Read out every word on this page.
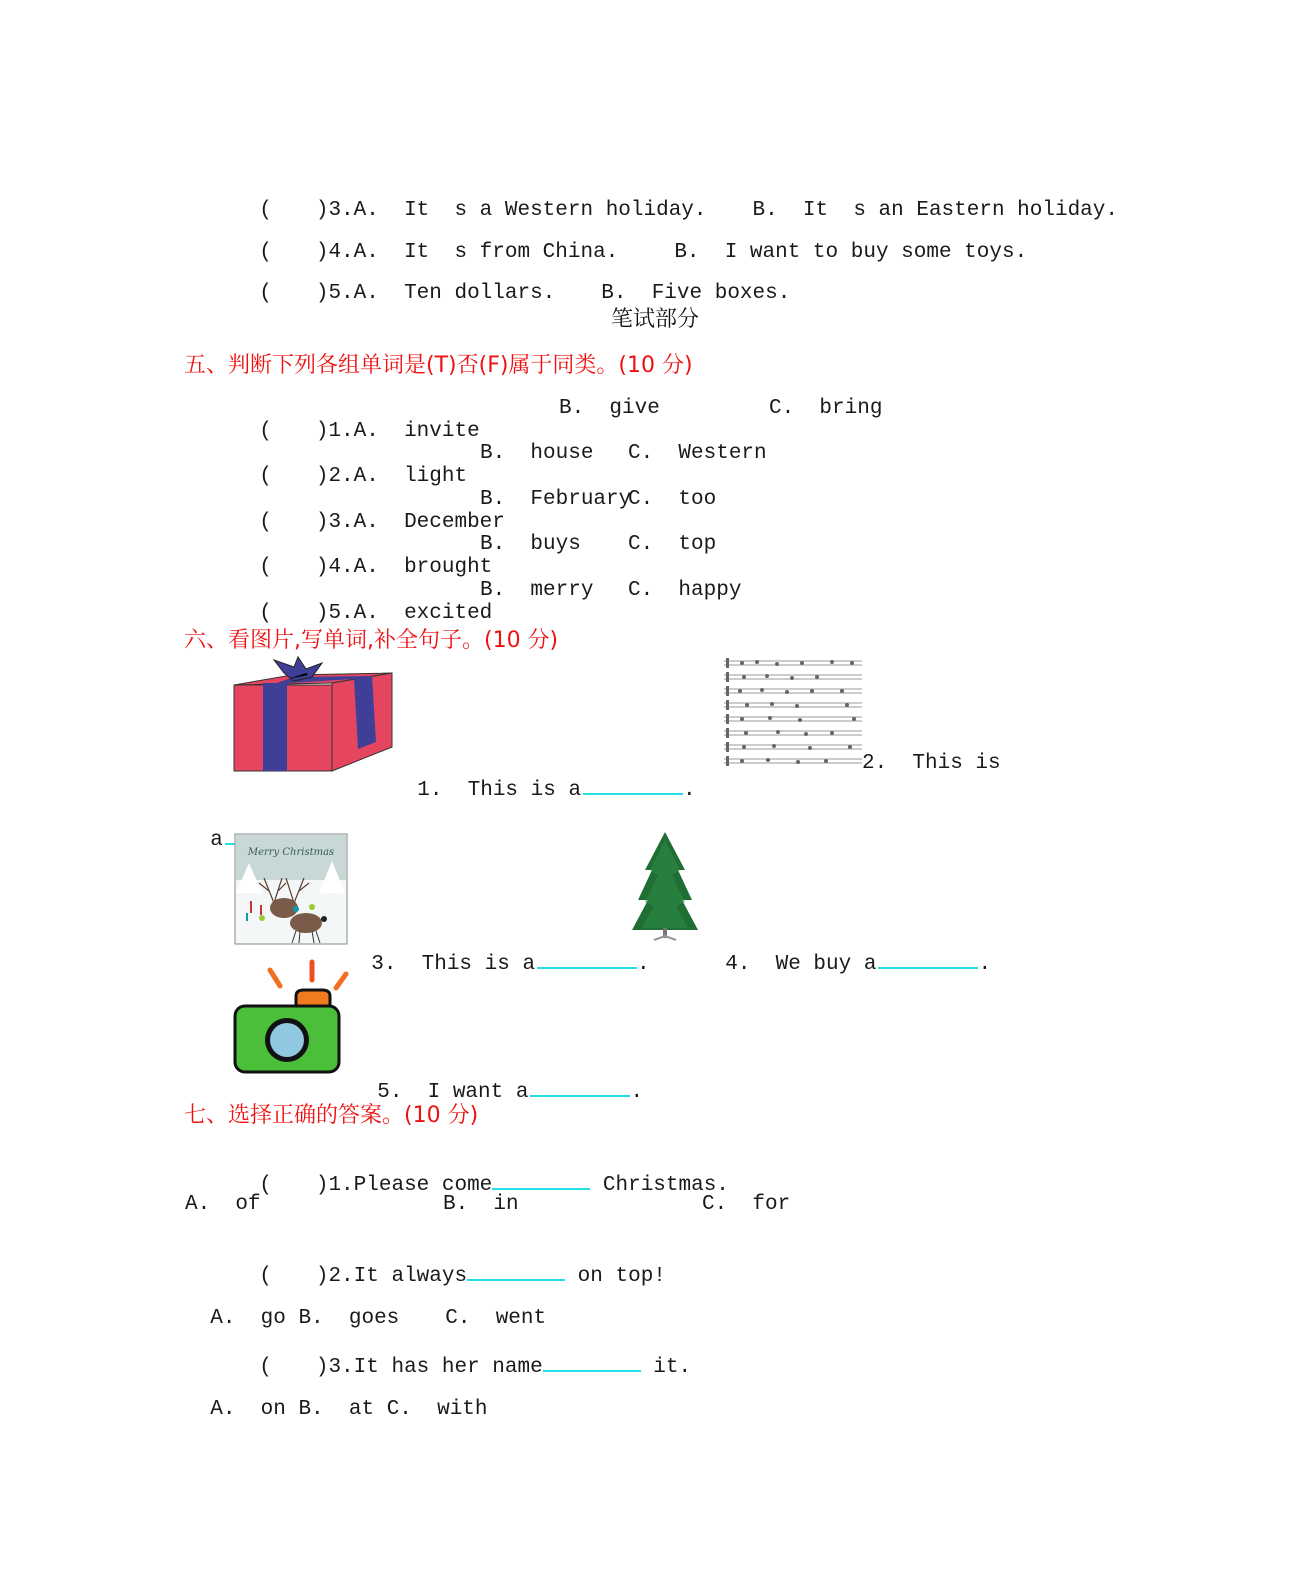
( )3.A.  It  s a Western holiday. B.  It  s an Eastern holiday.

( )4.A.  It  s from China.	B.  I want to buy some toys.

( )5.A.  Ten dollars. B.  Five boxes.

笔试部分
五、判断下列各组单词是(T)否(F)属于同类。(10 分)

( )1.A.  invite

B.  give	C.  bring

( )2.A.  light

B.  house C.  Western

( )3.A.  December

B.  February
C.  too

( )4.A.  brought

B.  buys C.  top

( )5.A.  excited

B.  merry C.  happy
六、看图片,写单词,补全句子。(10 分)

1.  This is a	.

2.  This is

a

Merry Christmas

3.  This is a	.	4.  We buy a	.

5.  I want a	.

七、选择正确的答案。(10 分)

( )1.Please come	Christmas.

A.  of	B.  in	C.  for

( )2.It always	on top!

A.  go B.  goes C.  went

( )3.It has her name	it.

A.  on B.  at C.  with
